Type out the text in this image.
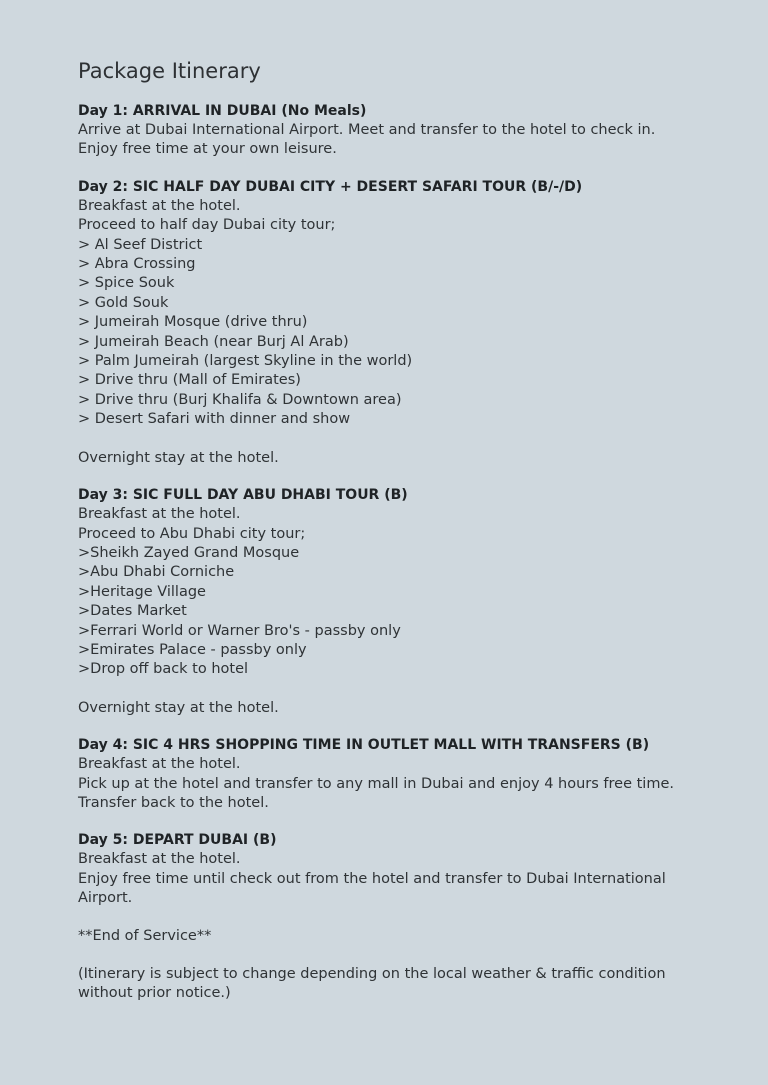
Package Itinerary
Day 1: ARRIVAL IN DUBAI (No Meals)

Arrive at Dubai International Airport. Meet and transfer to the hotel to check in. Enjoy free time at your own leisure.

Day 2: SIC HALF DAY DUBAI CITY + DESERT SAFARI TOUR (B/-/D)

Breakfast at the hotel.

Proceed to half day Dubai city tour;

> Al Seef District

> Abra Crossing

> Spice Souk

> Gold Souk

> Jumeirah Mosque (drive thru)

> Jumeirah Beach (near Burj Al Arab)

> Palm Jumeirah (largest Skyline in the world)

> Drive thru (Mall of Emirates)

> Drive thru (Burj Khalifa & Downtown area)

> Desert Safari with dinner and show

Overnight stay at the hotel.

Day 3: SIC FULL DAY ABU DHABI TOUR (B)

Breakfast at the hotel.

Proceed to Abu Dhabi city tour;

>Sheikh Zayed Grand Mosque

>Abu Dhabi Corniche

>Heritage Village

>Dates Market

>Ferrari World or Warner Bro's - passby only

>Emirates Palace - passby only

>Drop off back to hotel

Overnight stay at the hotel.

Day 4: SIC 4 HRS SHOPPING TIME IN OUTLET MALL WITH TRANSFERS (B)

Breakfast at the hotel.

Pick up at the hotel and transfer to any mall in Dubai and enjoy 4 hours free time. Transfer back to the hotel.

Day 5: DEPART DUBAI (B)

Breakfast at the hotel.

Enjoy free time until check out from the hotel and transfer to Dubai International Airport.

**End of Service**

(Itinerary is subject to change depending on the local weather & traffic condition without prior notice.)
